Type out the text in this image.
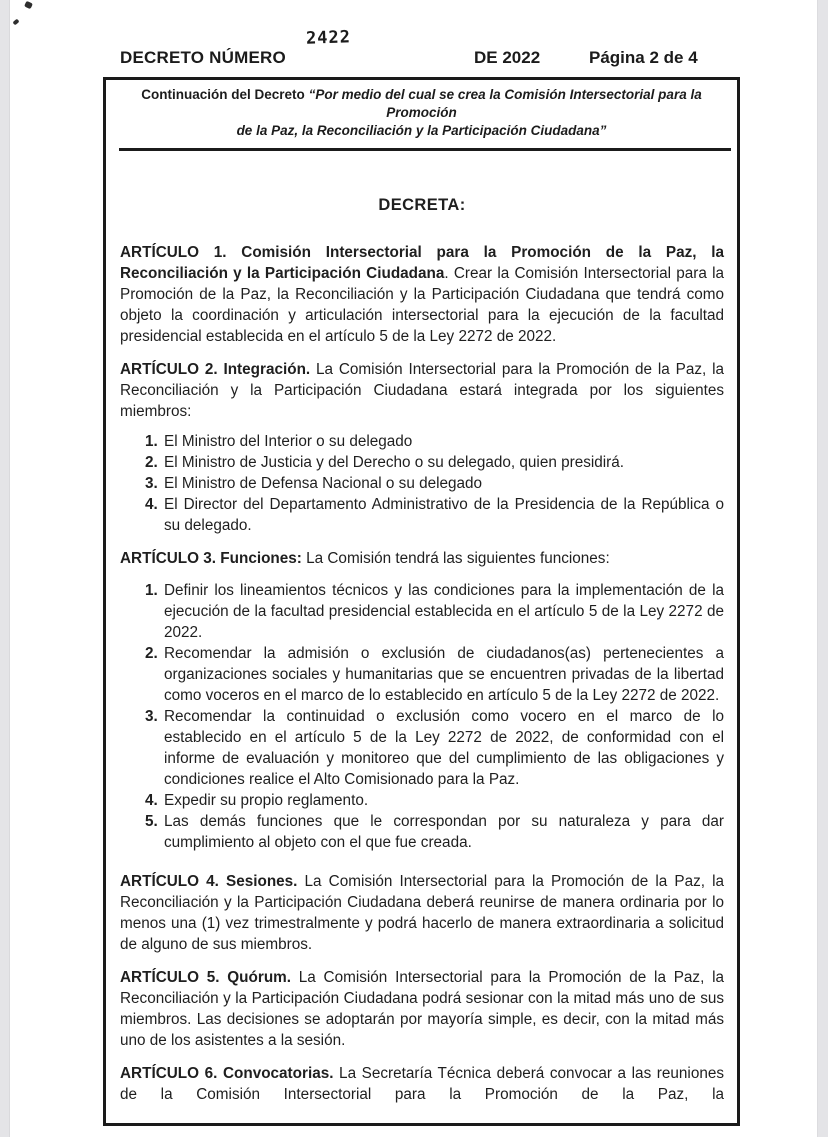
DECRETO NÚMERO
2422
DE 2022	Página 2 de 4
Continuación del Decreto “Por medio del cual se crea la Comisión Intersectorial para la Promoción
de la Paz, la Reconciliación y la Participación Ciudadana”

DECRETA:

ARTÍCULO 1. Comisión Intersectorial para la Promoción de la Paz, la Reconciliación y la Participación Ciudadana. Crear la Comisión Intersectorial para la Promoción de la Paz, la Reconciliación y la Participación Ciudadana que tendrá como objeto la coordinación y articulación intersectorial para la ejecución de la facultad presidencial establecida en el artículo 5 de la Ley 2272 de 2022.

ARTÍCULO 2. Integración. La Comisión Intersectorial para la Promoción de la Paz, la Reconciliación y la Participación Ciudadana estará integrada por los siguientes miembros:

1. El Ministro del Interior o su delegado
2. El Ministro de Justicia y del Derecho o su delegado, quien presidirá.
3. El Ministro de Defensa Nacional o su delegado
4. El Director del Departamento Administrativo de la Presidencia de la República o su delegado.

ARTÍCULO 3. Funciones: La Comisión tendrá las siguientes funciones:

1. Definir los lineamientos técnicos y las condiciones para la implementación de la ejecución de la facultad presidencial establecida en el artículo 5 de la Ley 2272 de 2022.
2. Recomendar la admisión o exclusión de ciudadanos(as) pertenecientes a organizaciones sociales y humanitarias que se encuentren privadas de la libertad como voceros en el marco de lo establecido en artículo 5 de la Ley 2272 de 2022.
3. Recomendar la continuidad o exclusión como vocero en el marco de lo establecido en el artículo 5 de la Ley 2272 de 2022, de conformidad con el informe de evaluación y monitoreo que del cumplimiento de las obligaciones y condiciones realice el Alto Comisionado para la Paz.
4. Expedir su propio reglamento.
5. Las demás funciones que le correspondan por su naturaleza y para dar cumplimiento al objeto con el que fue creada.

ARTÍCULO 4. Sesiones. La Comisión Intersectorial para la Promoción de la Paz, la Reconciliación y la Participación Ciudadana deberá reunirse de manera ordinaria por lo menos una (1) vez trimestralmente y podrá hacerlo de manera extraordinaria a solicitud de alguno de sus miembros.

ARTÍCULO 5. Quórum. La Comisión Intersectorial para la Promoción de la Paz, la Reconciliación y la Participación Ciudadana podrá sesionar con la mitad más uno de sus miembros. Las decisiones se adoptarán por mayoría simple, es decir, con la mitad más uno de los asistentes a la sesión.

ARTÍCULO 6. Convocatorias. La Secretaría Técnica deberá convocar a las reuniones de la Comisión Intersectorial para la Promoción de la Paz, la
